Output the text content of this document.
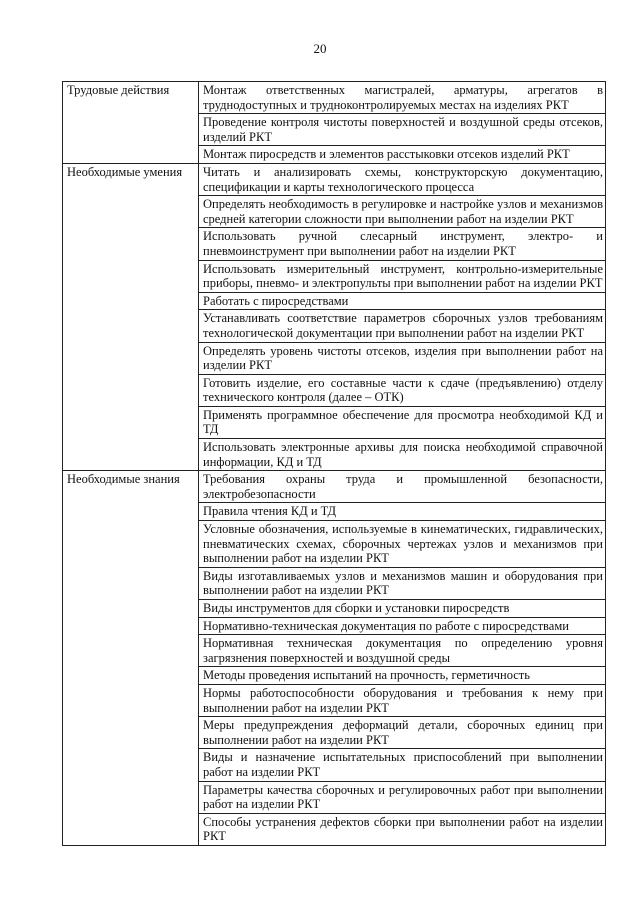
20
Трудовые действия	Монтаж ответственных магистралей, арматуры, агрегатов в труднодоступных и трудноконтролируемых местах на изделиях РКТ
	Проведение контроля чистоты поверхностей и воздушной среды отсеков, изделий РКТ
	Монтаж пиросредств и элементов расстыковки отсеков изделий РКТ
Необходимые умения	Читать и анализировать схемы, конструкторскую документацию, спецификации и карты технологического процесса
	Определять необходимость в регулировке и настройке узлов и механизмов средней категории сложности при выполнении работ на изделии РКТ
	Использовать ручной слесарный инструмент, электро- и пневмоинструмент при выполнении работ на изделии РКТ
	Использовать измерительный инструмент, контрольно-измерительные приборы, пневмо- и электропульты при выполнении работ на изделии РКТ
	Работать с пиросредствами
	Устанавливать соответствие параметров сборочных узлов требованиям технологической документации при выполнении работ на изделии РКТ
	Определять уровень чистоты отсеков, изделия при выполнении работ на изделии РКТ
	Готовить изделие, его составные части к сдаче (предъявлению) отделу технического контроля (далее – ОТК)
	Применять программное обеспечение для просмотра необходимой КД и ТД
	Использовать электронные архивы для поиска необходимой справочной информации, КД и ТД
Необходимые знания	Требования охраны труда и промышленной безопасности, электробезопасности
	Правила чтения КД и ТД
	Условные обозначения, используемые в кинематических, гидравлических, пневматических схемах, сборочных чертежах узлов и механизмов при выполнении работ на изделии РКТ
	Виды изготавливаемых узлов и механизмов машин и оборудования при выполнении работ на изделии РКТ
	Виды инструментов для сборки и установки пиросредств
	Нормативно-техническая документация по работе с пиросредствами
	Нормативная техническая документация по определению уровня загрязнения поверхностей и воздушной среды
	Методы проведения испытаний на прочность, герметичность
	Нормы работоспособности оборудования и требования к нему при выполнении работ на изделии РКТ
	Меры предупреждения деформаций детали, сборочных единиц при выполнении работ на изделии РКТ
	Виды и назначение испытательных приспособлений при выполнении работ на изделии РКТ
	Параметры качества сборочных и регулировочных работ при выполнении работ на изделии РКТ
	Способы устранения дефектов сборки при выполнении работ на изделии РКТ
